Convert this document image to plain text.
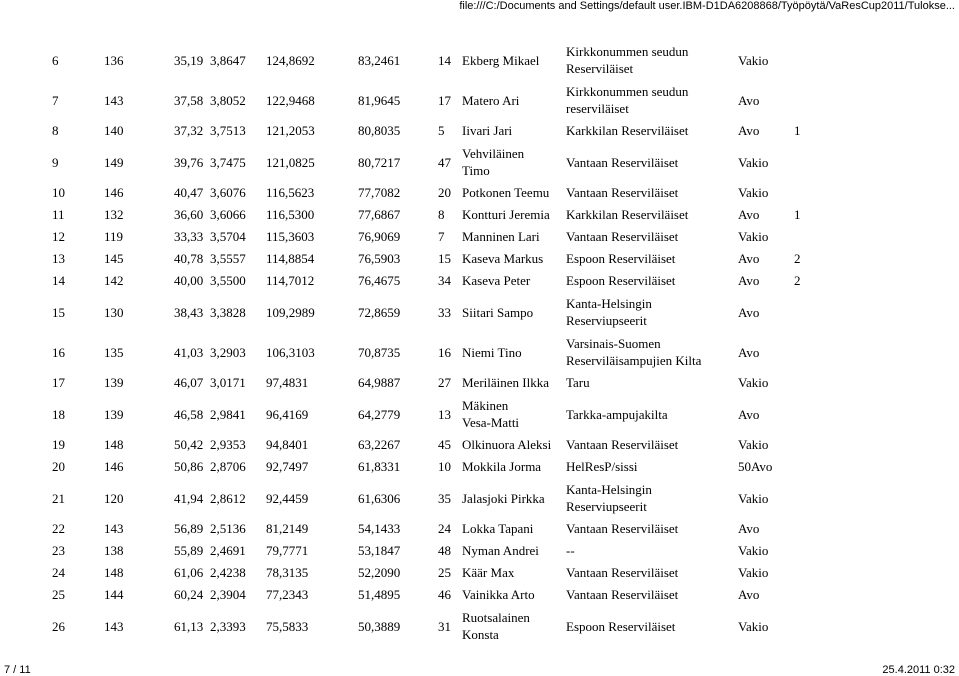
file:///C:/Documents and Settings/default user.IBM-D1DA6208868/Työpöytä/VaResCup2011/Tulokse...
6	136	35,19	3,8647	124,8692	83,2461	14	Ekberg Mikael	Kirkkonummen seudun
Reserviläiset	Vakio	
7	143	37,58	3,8052	122,9468	81,9645	17	Matero Ari	Kirkkonummen seudun
reserviläiset	Avo	
8	140	37,32	3,7513	121,2053	80,8035	5	Iivari Jari	Karkkilan Reserviläiset	Avo	1
9	149	39,76	3,7475	121,0825	80,7217	47	Vehviläinen
Timo	Vantaan Reserviläiset	Vakio	
10	146	40,47	3,6076	116,5623	77,7082	20	Potkonen Teemu	Vantaan Reserviläiset	Vakio	
11	132	36,60	3,6066	116,5300	77,6867	8	Kontturi Jeremia	Karkkilan Reserviläiset	Avo	1
12	119	33,33	3,5704	115,3603	76,9069	7	Manninen Lari	Vantaan Reserviläiset	Vakio	
13	145	40,78	3,5557	114,8854	76,5903	15	Kaseva Markus	Espoon Reserviläiset	Avo	2
14	142	40,00	3,5500	114,7012	76,4675	34	Kaseva Peter	Espoon Reserviläiset	Avo	2
15	130	38,43	3,3828	109,2989	72,8659	33	Siitari Sampo	Kanta-Helsingin
Reserviupseerit	Avo	
16	135	41,03	3,2903	106,3103	70,8735	16	Niemi Tino	Varsinais-Suomen
Reserviläisampujien Kilta	Avo	
17	139	46,07	3,0171	97,4831	64,9887	27	Meriläinen Ilkka	Taru	Vakio	
18	139	46,58	2,9841	96,4169	64,2779	13	Mäkinen
Vesa-Matti	Tarkka-ampujakilta	Avo	
19	148	50,42	2,9353	94,8401	63,2267	45	Olkinuora Aleksi	Vantaan Reserviläiset	Vakio	
20	146	50,86	2,8706	92,7497	61,8331	10	Mokkila Jorma	HelResP/sissi	50Avo	
21	120	41,94	2,8612	92,4459	61,6306	35	Jalasjoki Pirkka	Kanta-Helsingin
Reserviupseerit	Vakio	
22	143	56,89	2,5136	81,2149	54,1433	24	Lokka Tapani	Vantaan Reserviläiset	Avo	
23	138	55,89	2,4691	79,7771	53,1847	48	Nyman Andrei	--	Vakio	
24	148	61,06	2,4238	78,3135	52,2090	25	Käär Max	Vantaan Reserviläiset	Vakio	
25	144	60,24	2,3904	77,2343	51,4895	46	Vainikka Arto	Vantaan Reserviläiset	Avo	
26	143	61,13	2,3393	75,5833	50,3889	31	Ruotsalainen
Konsta	Espoon Reserviläiset	Vakio	
7 / 11	25.4.2011 0:32
